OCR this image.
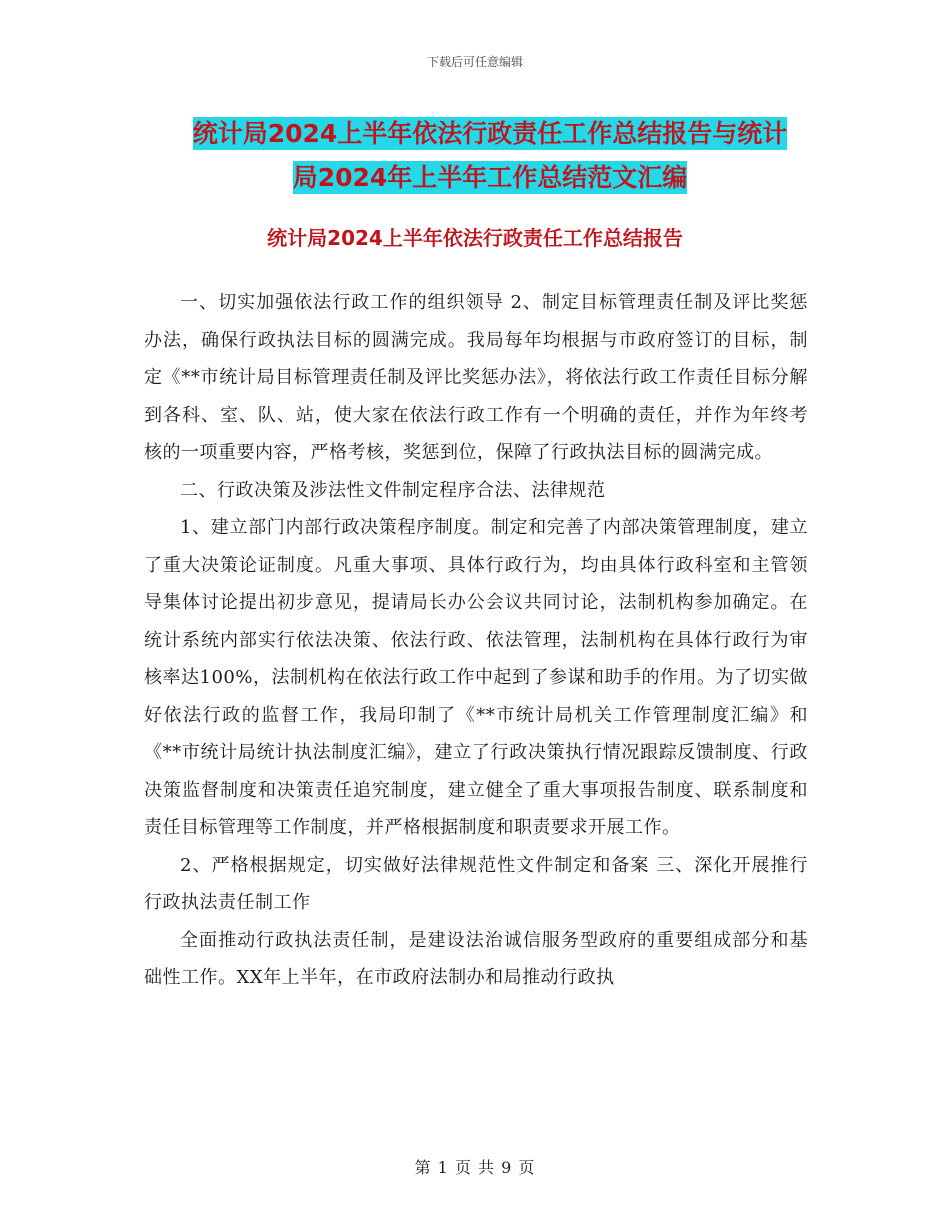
下载后可任意编辑
统计局2024上半年依法行政责任工作总结报告与统计
局2024年上半年工作总结范文汇编
统计局2024上半年依法行政责任工作总结报告

一、切实加强依法行政工作的组织领导 2、制定目标管理责任制及评比奖惩办法，确保行政执法目标的圆满完成。我局每年均根据与市政府签订的目标，制定《**市统计局目标管理责任制及评比奖惩办法》，将依法行政工作责任目标分解到各科、室、队、站，使大家在依法行政工作有一个明确的责任，并作为年终考核的一项重要内容，严格考核，奖惩到位，保障了行政执法目标的圆满完成。

二、行政决策及涉法性文件制定程序合法、法律规范

1、建立部门内部行政决策程序制度。制定和完善了内部决策管理制度，建立了重大决策论证制度。凡重大事项、具体行政行为，均由具体行政科室和主管领导集体讨论提出初步意见，提请局长办公会议共同讨论，法制机构参加确定。在统计系统内部实行依法决策、依法行政、依法管理，法制机构在具体行政行为审核率达100%，法制机构在依法行政工作中起到了参谋和助手的作用。为了切实做好依法行政的监督工作，我局印制了《**市统计局机关工作管理制度汇编》和《**市统计局统计执法制度汇编》，建立了行政决策执行情况跟踪反馈制度、行政决策监督制度和决策责任追究制度，建立健全了重大事项报告制度、联系制度和责任目标管理等工作制度，并严格根据制度和职责要求开展工作。

2、严格根据规定，切实做好法律规范性文件制定和备案 三、深化开展推行行政执法责任制工作

全面推动行政执法责任制，是建设法治诚信服务型政府的重要组成部分和基础性工作。XX年上半年，在市政府法制办和局推动行政执

第 1 页 共 9 页
